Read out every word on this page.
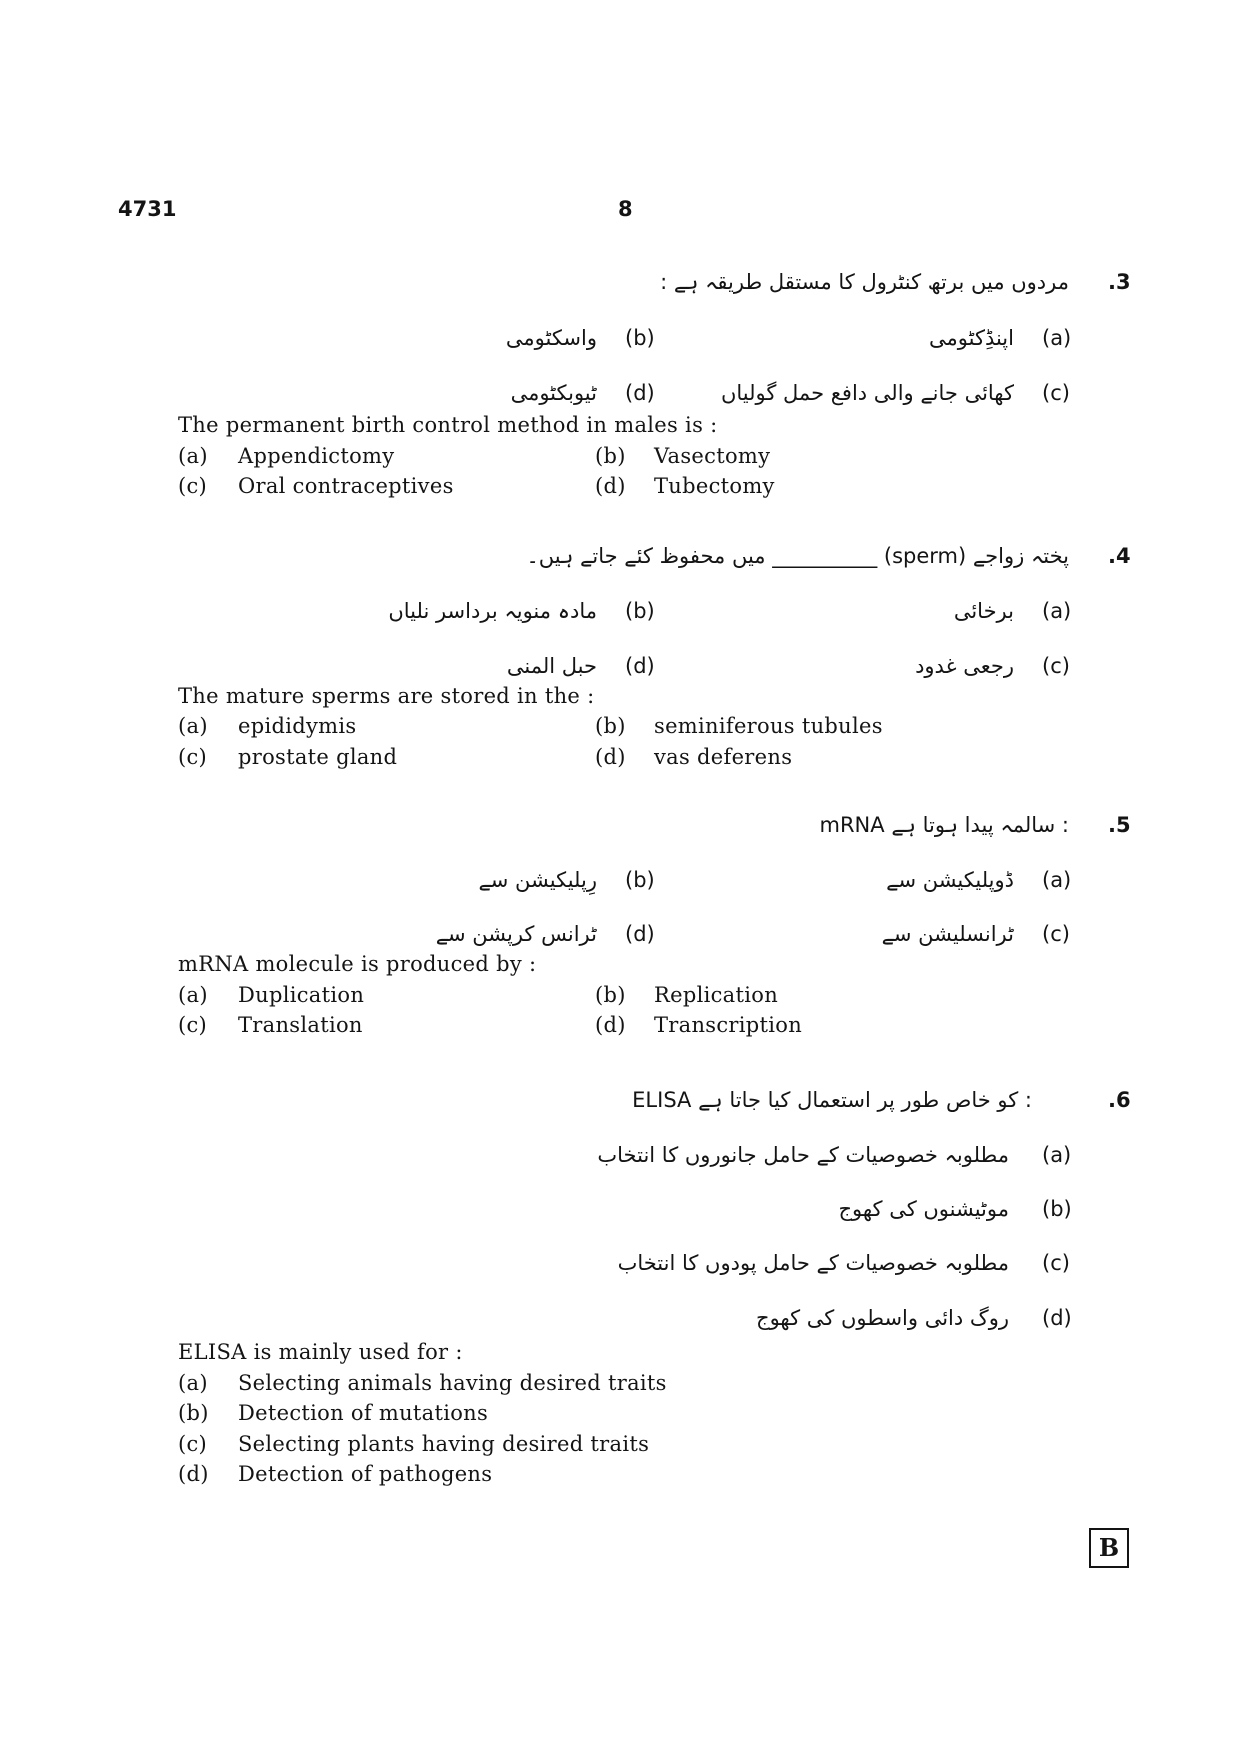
4731	8
.3
مردوں میں برتھ کنٹرول کا مستقل طریقہ ہے :
(a)
اپنڈِکٹومی
(b)
واسکٹومی
(c)
کھائی جانے والی دافع حمل گولیاں
(d)
ٹیوبکٹومی
The permanent birth control method in males is :
(a) Appendictomy	(b) Vasectomy
(c) Oral contraceptives	(d) Tubectomy
.4
پختہ زواجے (sperm) __________ میں محفوظ کئے جاتے ہیں۔
(a)
برخائی
(b)
مادہ منویہ برداسر نلیاں
(c)
رجعی غدود
(d)
حبل المنی
The mature sperms are stored in the :
(a) epididymis	(b) seminiferous tubules
(c) prostate gland	(d) vas deferens
.5
mRNA سالمہ پیدا ہوتا ہے :
(a)
ڈوپلیکیشن سے
(b)
رِپلیکیشن سے
(c)
ٹرانسلیشن سے
(d)
ٹرانس کرپشن سے
mRNA molecule is produced by :
(a) Duplication	(b) Replication
(c) Translation	(d) Transcription
.6
ELISA کو خاص طور پر استعمال کیا جاتا ہے :
(a)
مطلوبہ خصوصیات کے حامل جانوروں کا انتخاب
(b)
موٹیشنوں کی کھوج
(c)
مطلوبہ خصوصیات کے حامل پودوں کا انتخاب
(d)
روگ دائی واسطوں کی کھوج
ELISA is mainly used for :
(a) Selecting animals having desired traits
(b) Detection of mutations
(c) Selecting plants having desired traits
(d) Detection of pathogens
B
